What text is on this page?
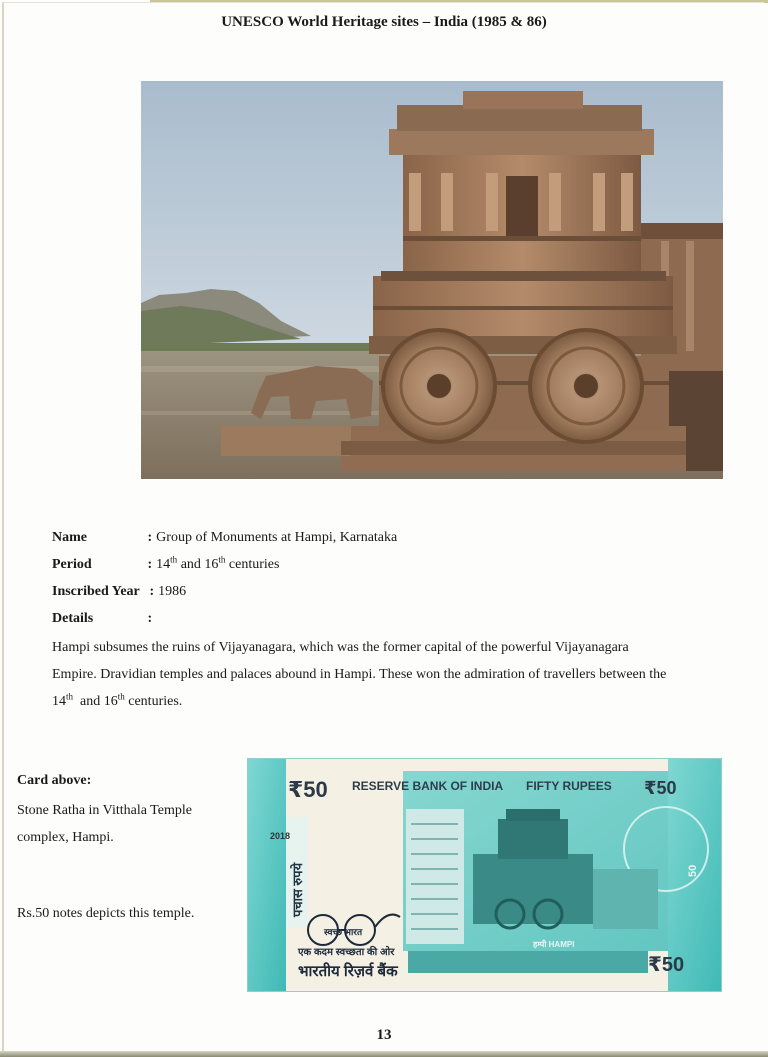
UNESCO World Heritage sites – India (1985 & 86)
Name	: Group of Monuments at Hampi, Karnataka
Period	: 14th and 16th centuries
Inscribed Year : 1986
Details	:
Hampi subsumes the ruins of Vijayanagara, which was the former capital of the powerful Vijayanagara
Empire. Dravidian temples and palaces abound in Hampi. These won the admiration of travellers between the
14th and 16th centuries.
Card above:
Stone Ratha in Vitthala Temple
complex, Hampi.
Rs.50 notes depicts this temple.
₹50 RESERVE BANK OF INDIA FIFTY RUPEES ₹50
2018
पचास रुपये
स्वच्छ भारत
एक कदम स्वच्छता की ओर
भारतीय रिज़र्व बैंक
हम्पी HAMPI
₹50
50
13
